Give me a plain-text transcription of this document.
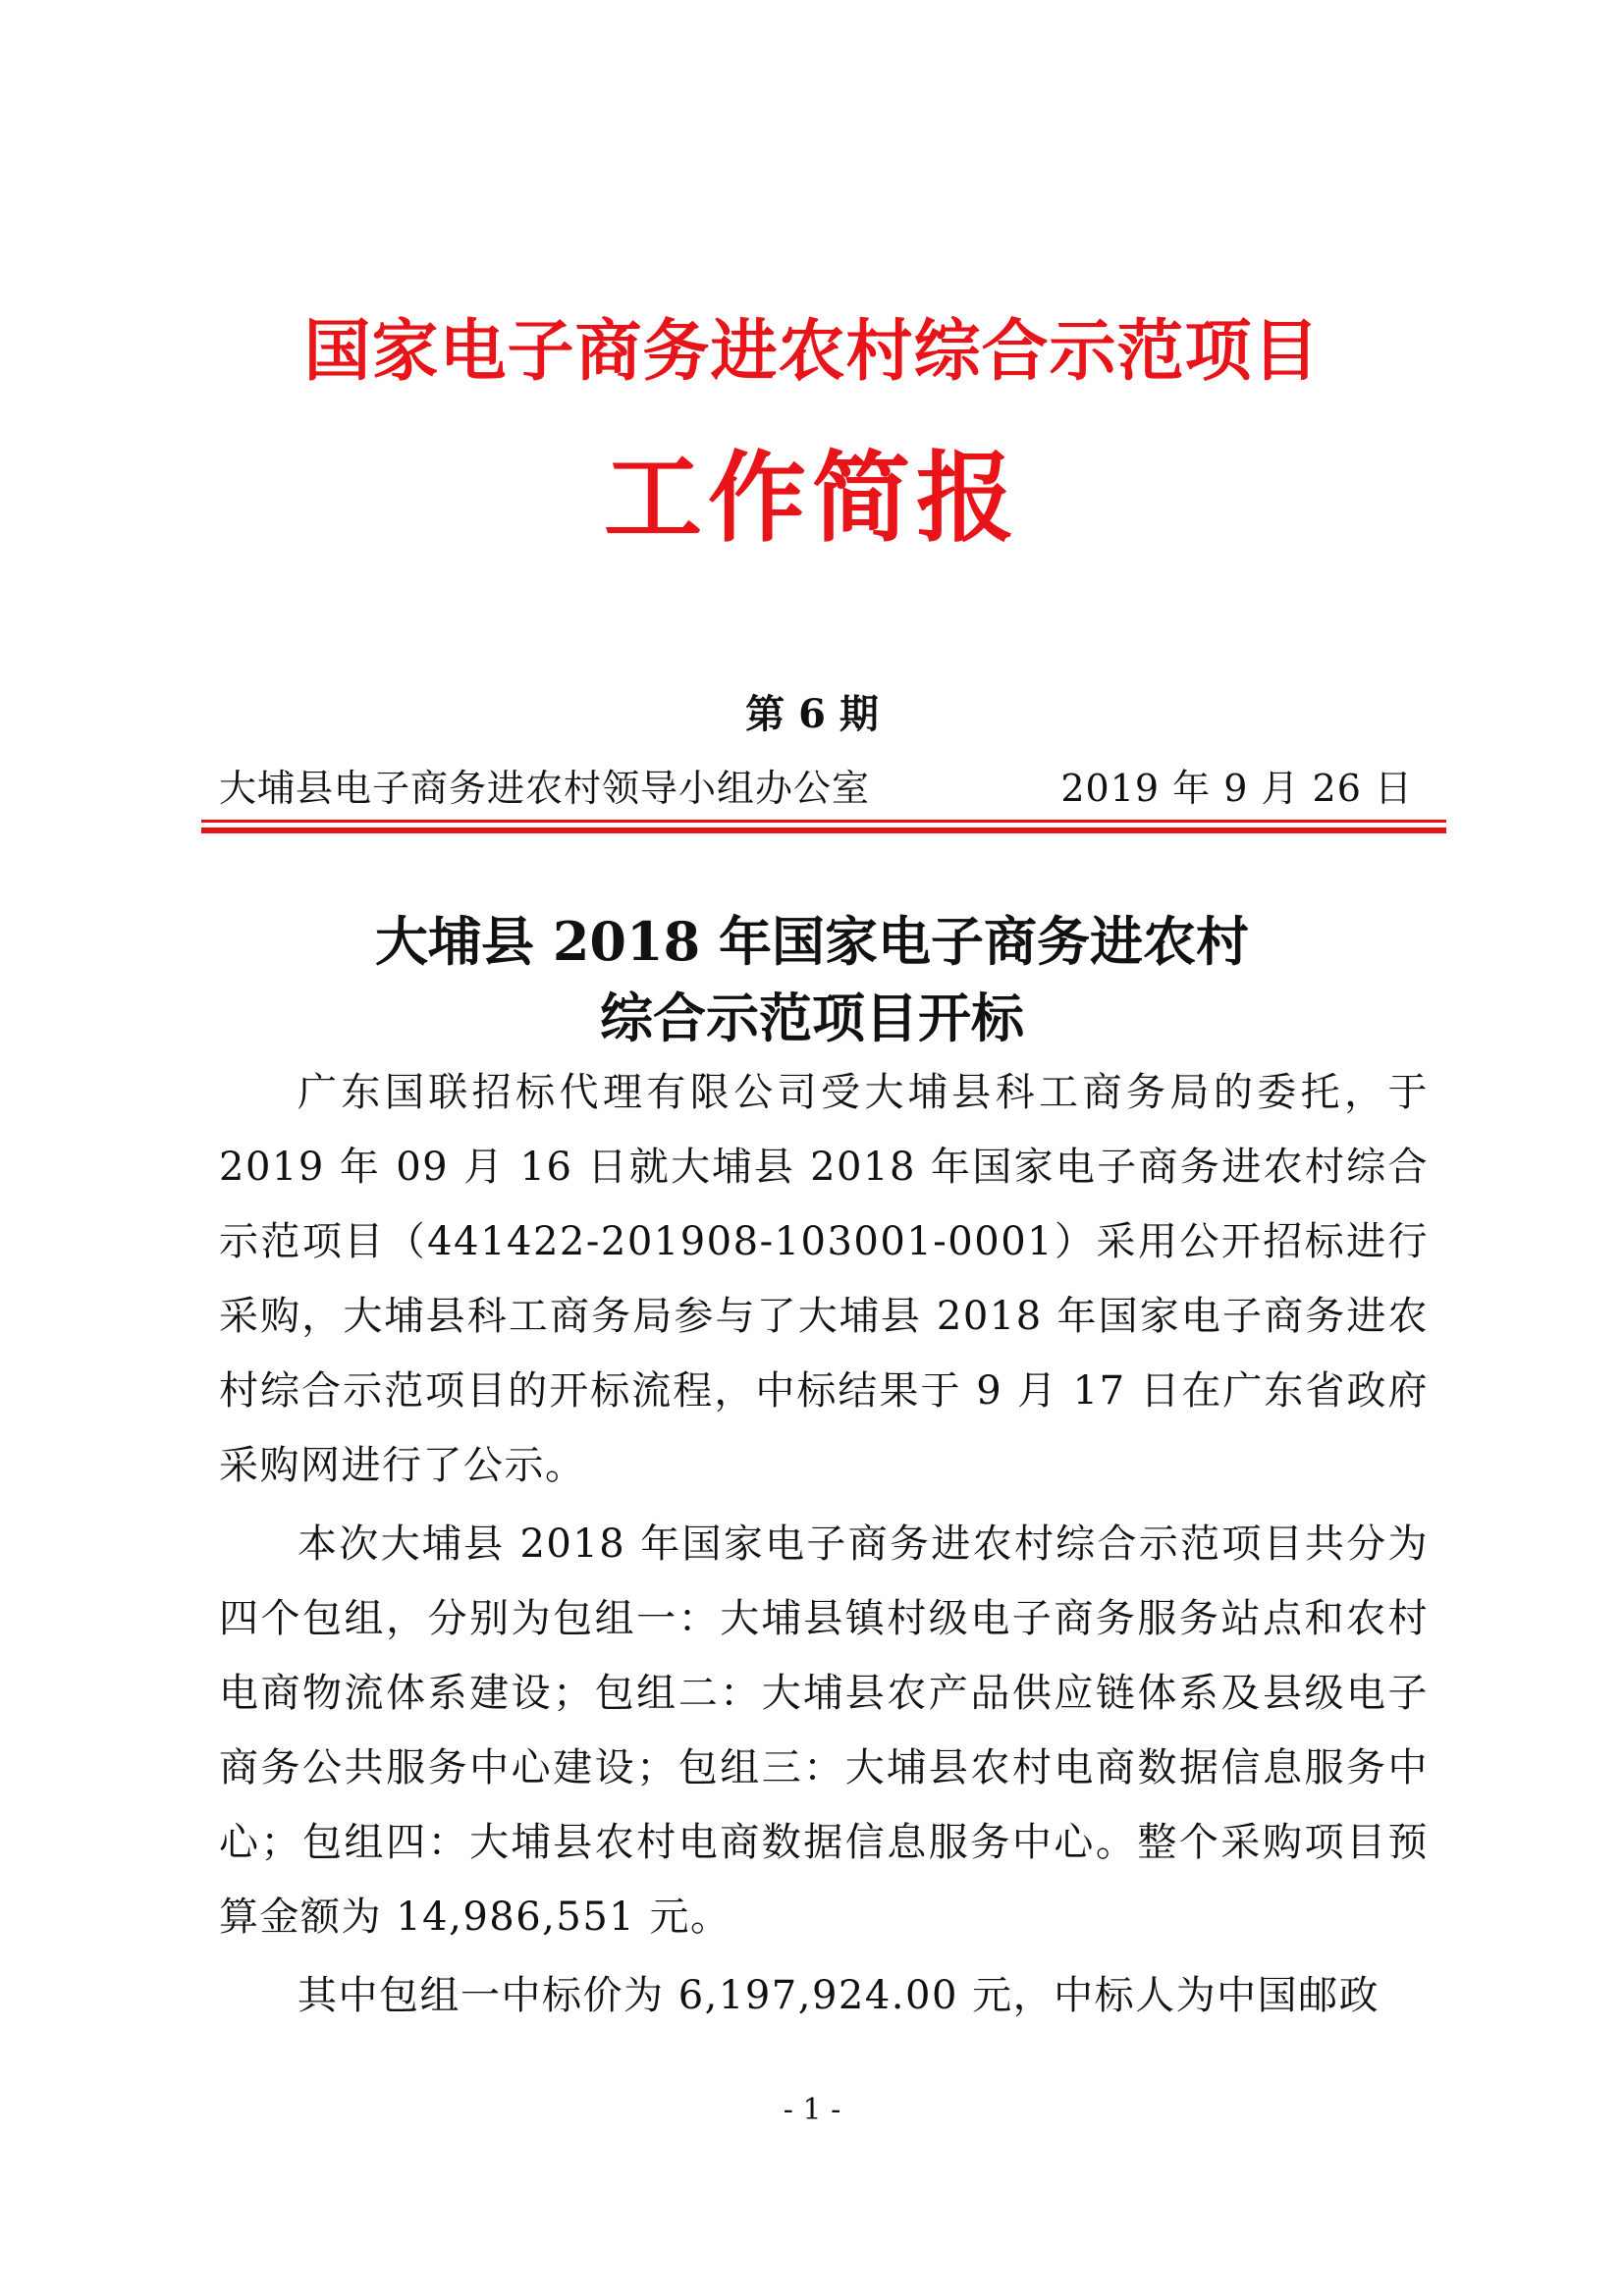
国家电子商务进农村综合示范项目
工作简报
第 6 期
大埔县电子商务进农村领导小组办公室	2019 年 9 月 26 日
大埔县 2018 年国家电子商务进农村
综合示范项目开标

广东国联招标代理有限公司受大埔县科工商务局的委托，于 2019 年 09 月 16 日就大埔县 2018 年国家电子商务进农村综合示范项目（441422-201908-103001-0001）采用公开招标进行采购，大埔县科工商务局参与了大埔县 2018 年国家电子商务进农村综合示范项目的开标流程，中标结果于 9 月 17 日在广东省政府采购网进行了公示。

本次大埔县 2018 年国家电子商务进农村综合示范项目共分为四个包组，分别为包组一：大埔县镇村级电子商务服务站点和农村电商物流体系建设；包组二：大埔县农产品供应链体系及县级电子商务公共服务中心建设；包组三：大埔县农村电商数据信息服务中心；包组四：大埔县农村电商数据信息服务中心。整个采购项目预算金额为 14,986,551 元。

其中包组一中标价为 6,197,924.00 元，中标人为中国邮政

- 1 -
